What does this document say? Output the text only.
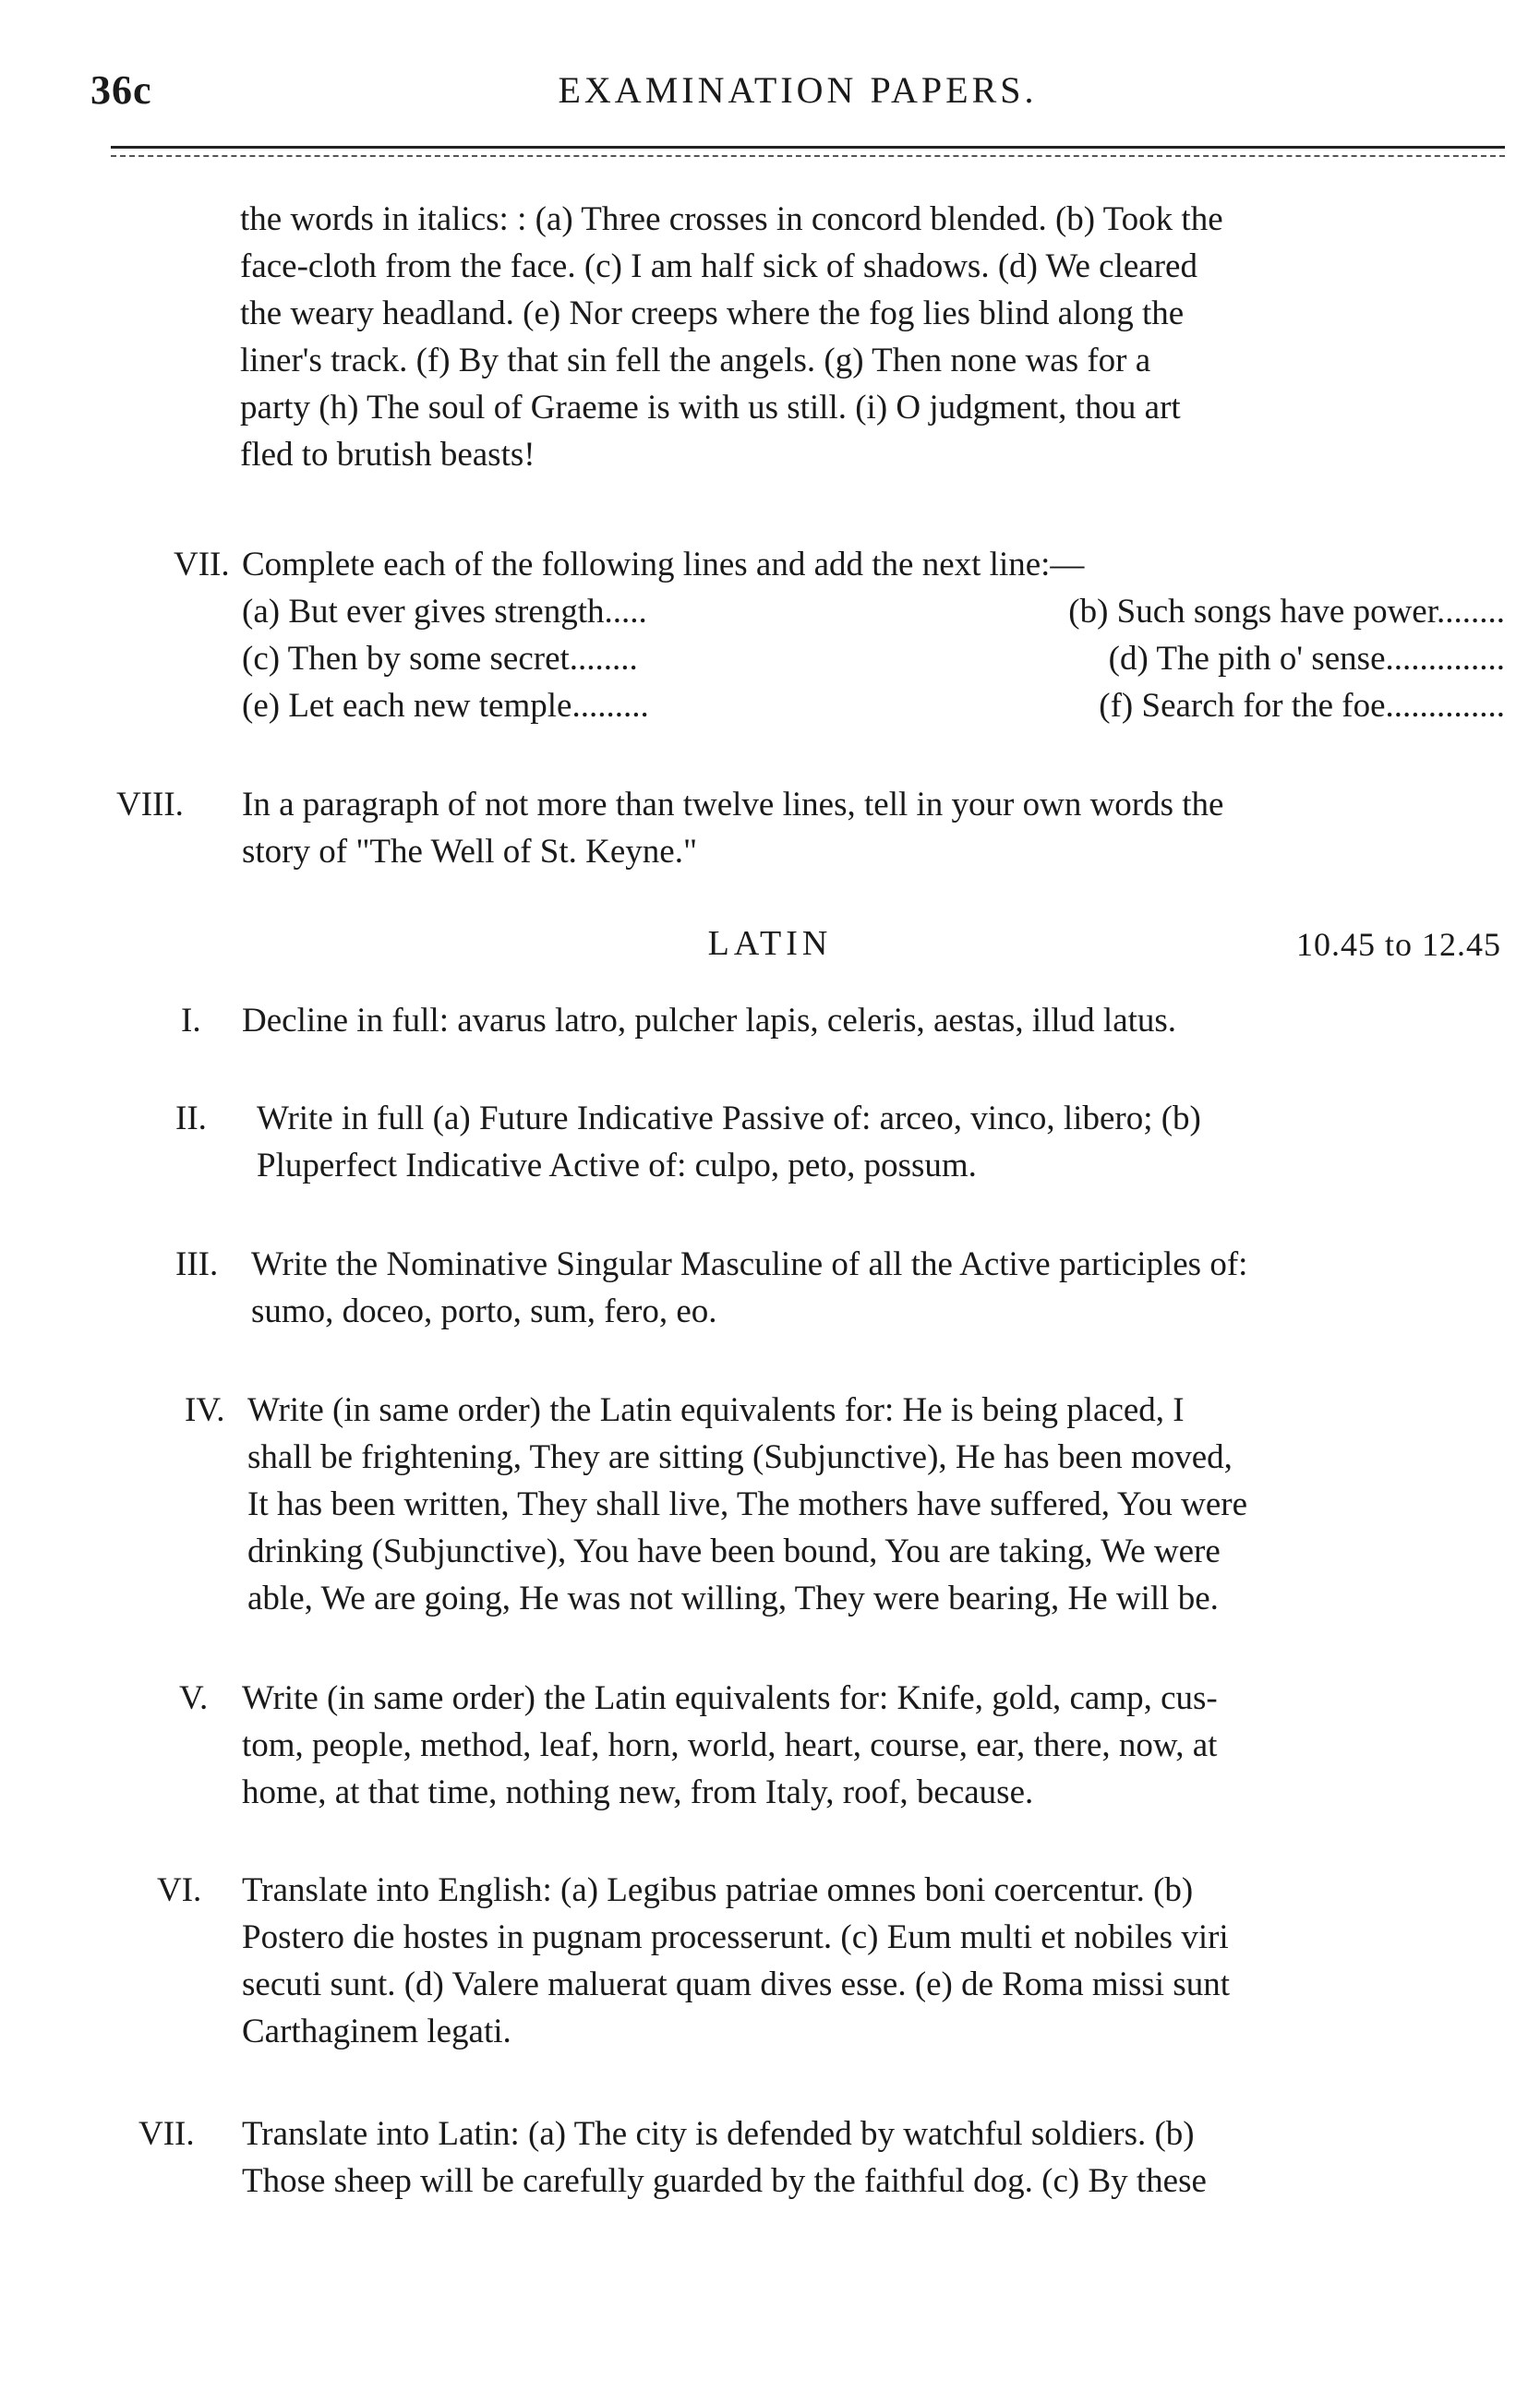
36c	EXAMINATION PAPERS.

the words in italics: : (a) Three crosses in concord blended. (b) Took the

face-cloth from the face. (c) I am half sick of shadows. (d) We cleared

the weary headland. (e) Nor creeps where the fog lies blind along the

liner's track. (f) By that sin fell the angels. (g) Then none was for a

party (h) The soul of Graeme is with us still. (i) O judgment, thou art

fled to brutish beasts!

VII. Complete each of the following lines and add the next line:—

(a) But ever gives strength.....	(b) Such songs have power........

(c) Then by some secret........	(d) The pith o' sense..............

(e) Let each new temple.........	(f) Search for the foe..............

VIII. In a paragraph of not more than twelve lines, tell in your own words the

story of "The Well of St. Keyne."

LATIN	10.45 to 12.45
I. Decline in full: avarus latro, pulcher lapis, celeris, aestas, illud latus.

II. Write in full (a) Future Indicative Passive of: arceo, vinco, libero; (b)

Pluperfect Indicative Active of: culpo, peto, possum.

III. Write the Nominative Singular Masculine of all the Active participles of:

sumo, doceo, porto, sum, fero, eo.

IV. Write (in same order) the Latin equivalents for: He is being placed, I

shall be frightening, They are sitting (Subjunctive), He has been moved,

It has been written, They shall live, The mothers have suffered, You were

drinking (Subjunctive), You have been bound, You are taking, We were

able, We are going, He was not willing, They were bearing, He will be.

V. Write (in same order) the Latin equivalents for: Knife, gold, camp, cus-

tom, people, method, leaf, horn, world, heart, course, ear, there, now, at

home, at that time, nothing new, from Italy, roof, because.

VI. Translate into English: (a) Legibus patriae omnes boni coercentur. (b)

Postero die hostes in pugnam processerunt. (c) Eum multi et nobiles viri

secuti sunt. (d) Valere maluerat quam dives esse. (e) de Roma missi sunt

Carthaginem legati.

VII. Translate into Latin: (a) The city is defended by watchful soldiers. (b)

Those sheep will be carefully guarded by the faithful dog. (c) By these
